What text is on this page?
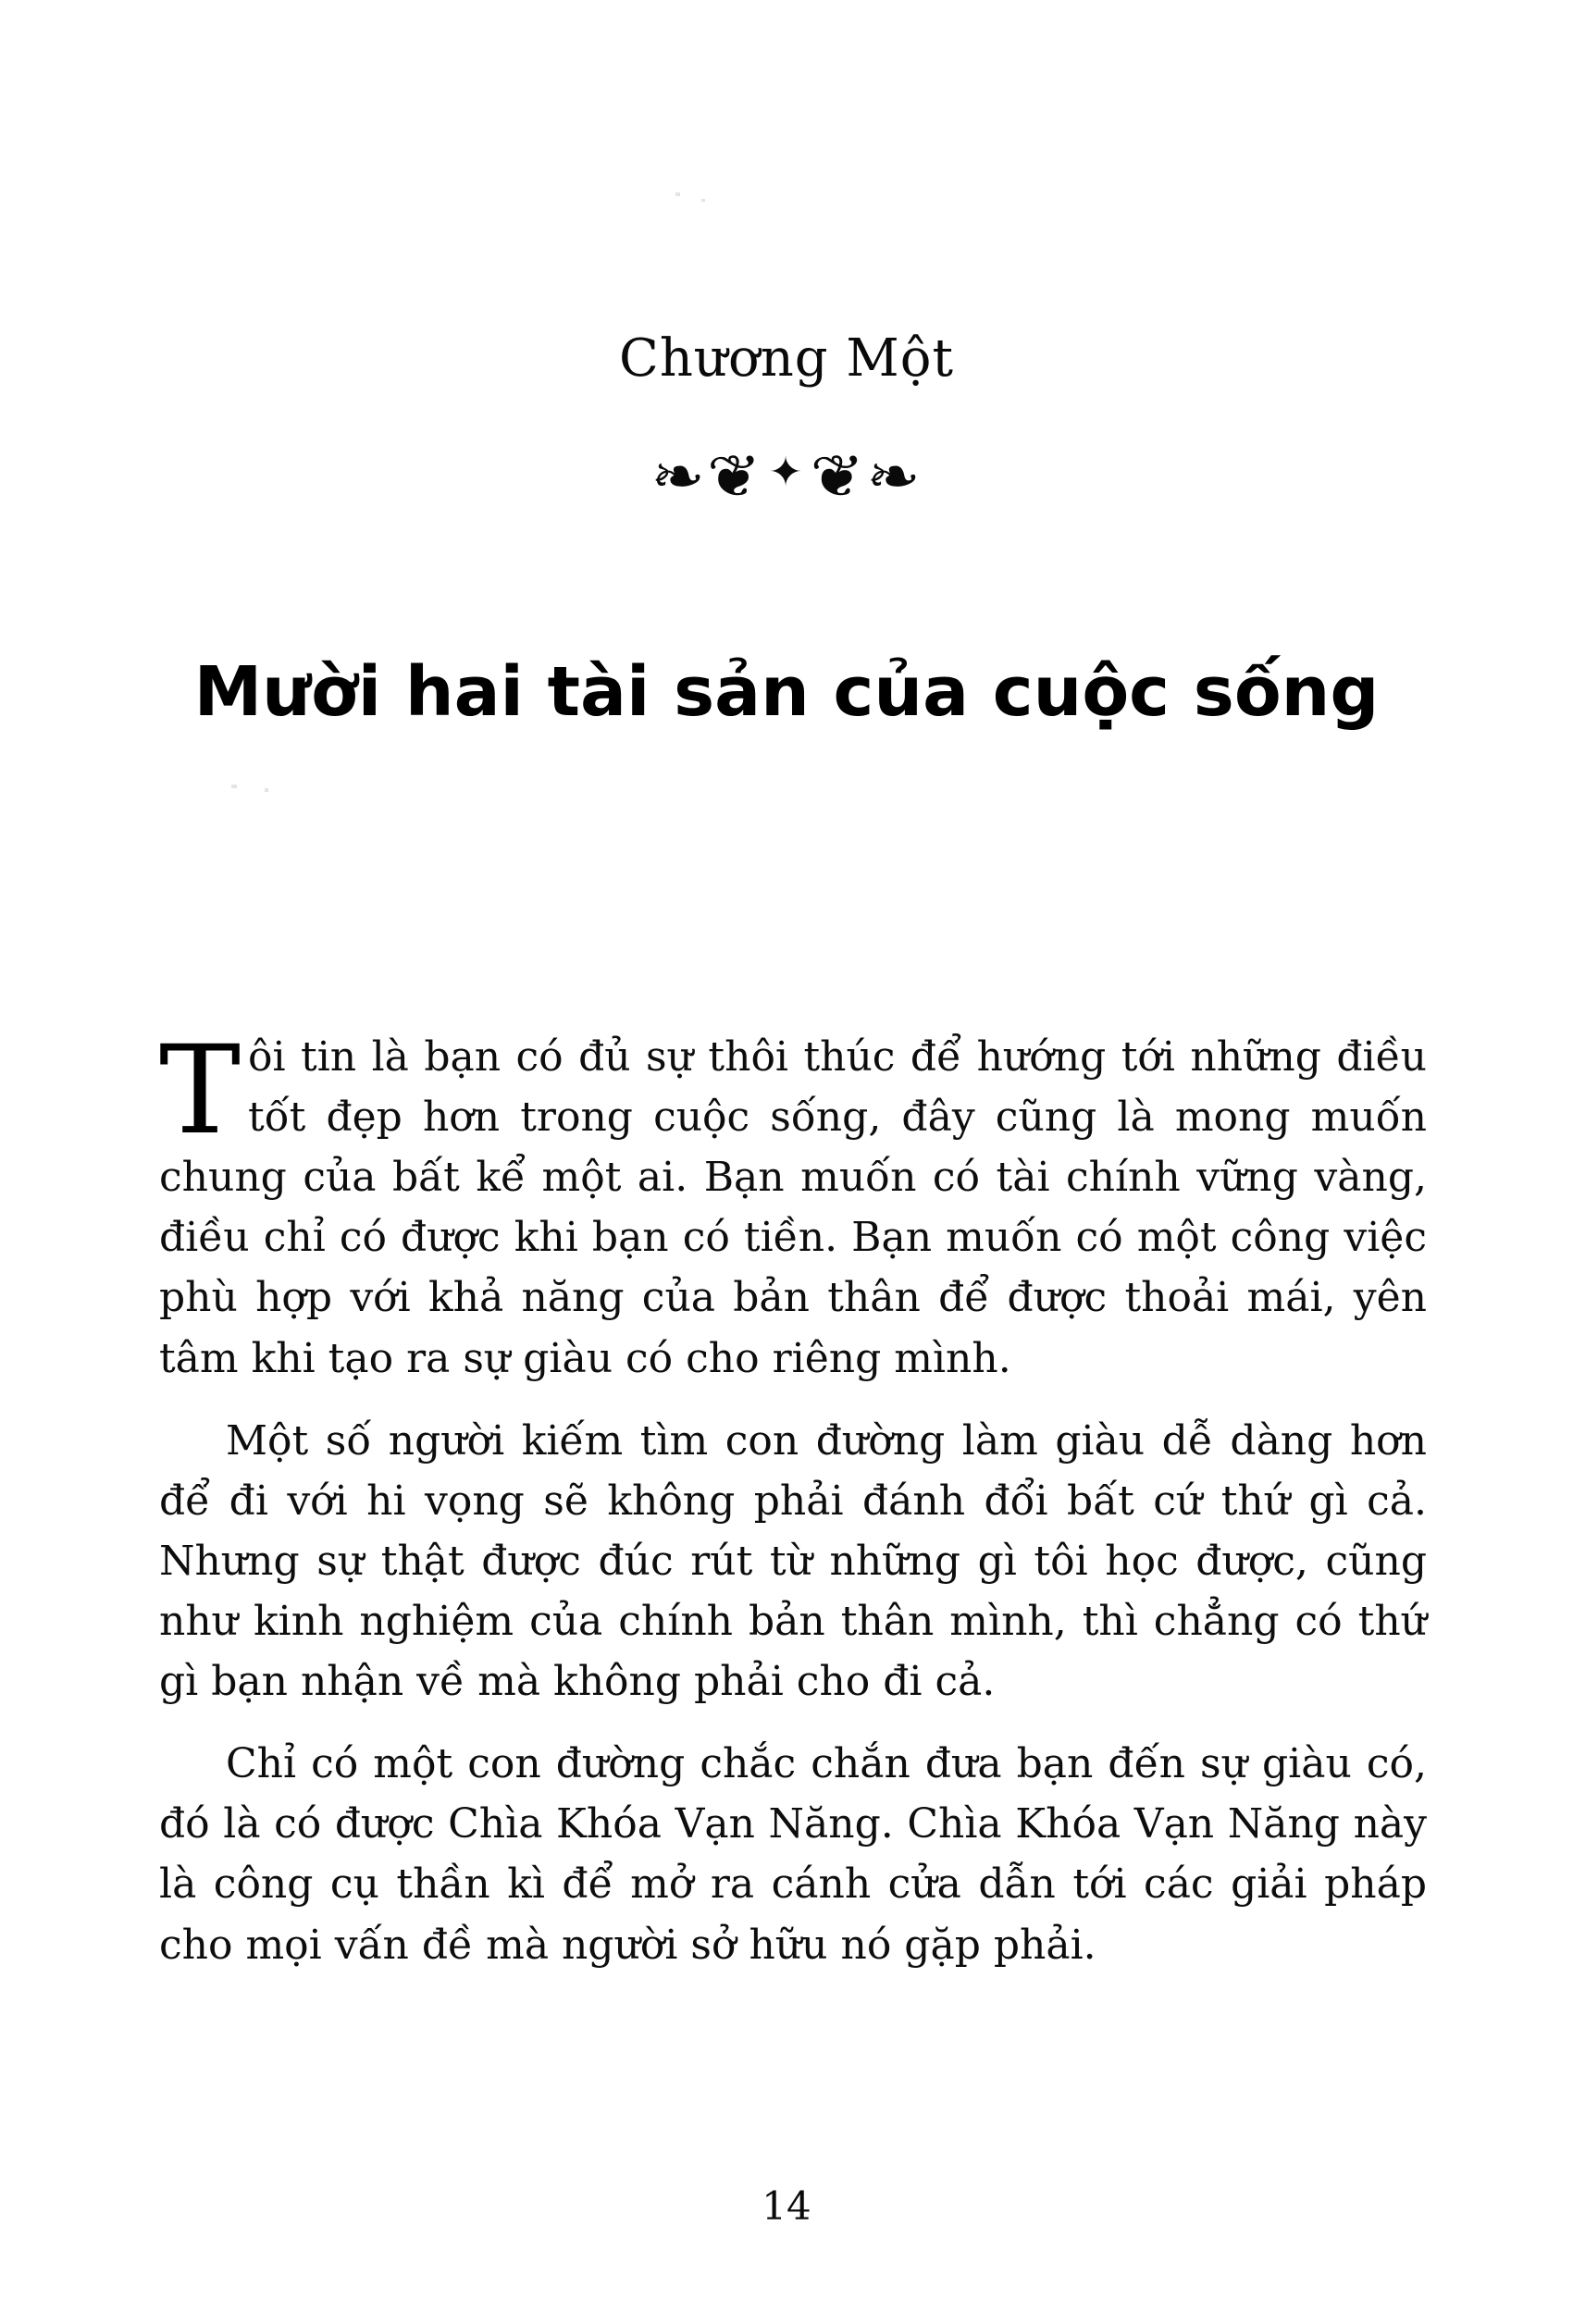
Chương Một
❧❦ ✦❦❧
Mười hai tài sản của cuộc sống

Tôi tin là bạn có đủ sự thôi thúc để hướng tới những điều tốt đẹp hơn trong cuộc sống, đây cũng là mong muốn chung của bất kể một ai. Bạn muốn có tài chính vững vàng, điều chỉ có được khi bạn có tiền. Bạn muốn có một công việc phù hợp với khả năng của bản thân để được thoải mái, yên tâm khi tạo ra sự giàu có cho riêng mình.

Một số người kiếm tìm con đường làm giàu dễ dàng hơn để đi với hi vọng sẽ không phải đánh đổi bất cứ thứ gì cả. Nhưng sự thật được đúc rút từ những gì tôi học được, cũng như kinh nghiệm của chính bản thân mình, thì chẳng có thứ gì bạn nhận về mà không phải cho đi cả.

Chỉ có một con đường chắc chắn đưa bạn đến sự giàu có, đó là có được Chìa Khóa Vạn Năng. Chìa Khóa Vạn Năng này là công cụ thần kì để mở ra cánh cửa dẫn tới các giải pháp cho mọi vấn đề mà người sở hữu nó gặp phải.

14
